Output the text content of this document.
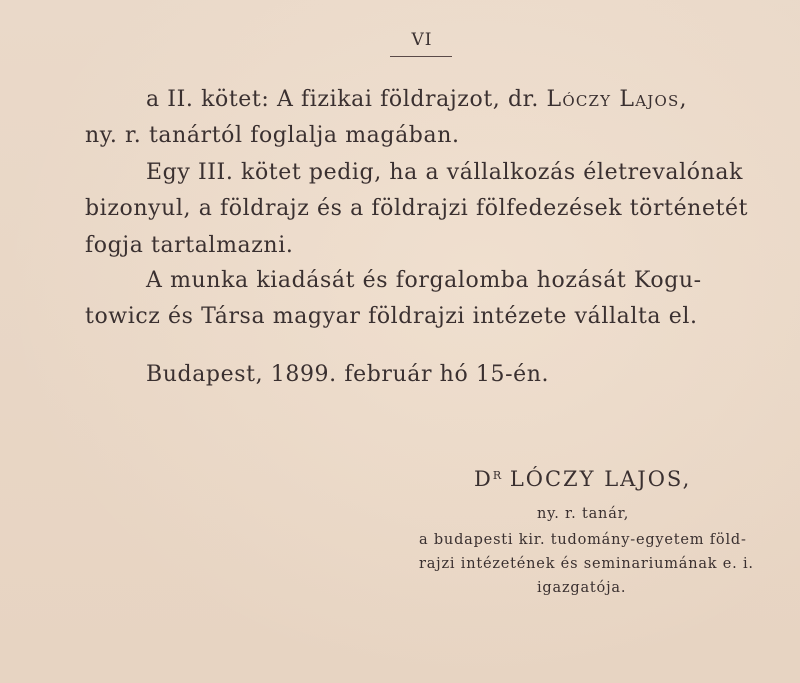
VI
a II. kötet: A fizikai földrajzot, dr. Lóczy Lajos,
ny. r. tanártól foglalja magában.
Egy III. kötet pedig, ha a vállalkozás életrevalónak
bizonyul, a földrajz és a földrajzi fölfedezések történetét
fogja tartalmazni.
A munka kiadását és forgalomba hozását Kogu-
towicz és Társa magyar földrajzi intézete vállalta el.
Budapest, 1899. február hó 15-én.
$D^R$ LÓCZY LAJOS,
ny. r. tanár,
a budapesti kir. tudomány-egyetem föld-
rajzi intézetének és seminariumának e. i.
igazgatója.
